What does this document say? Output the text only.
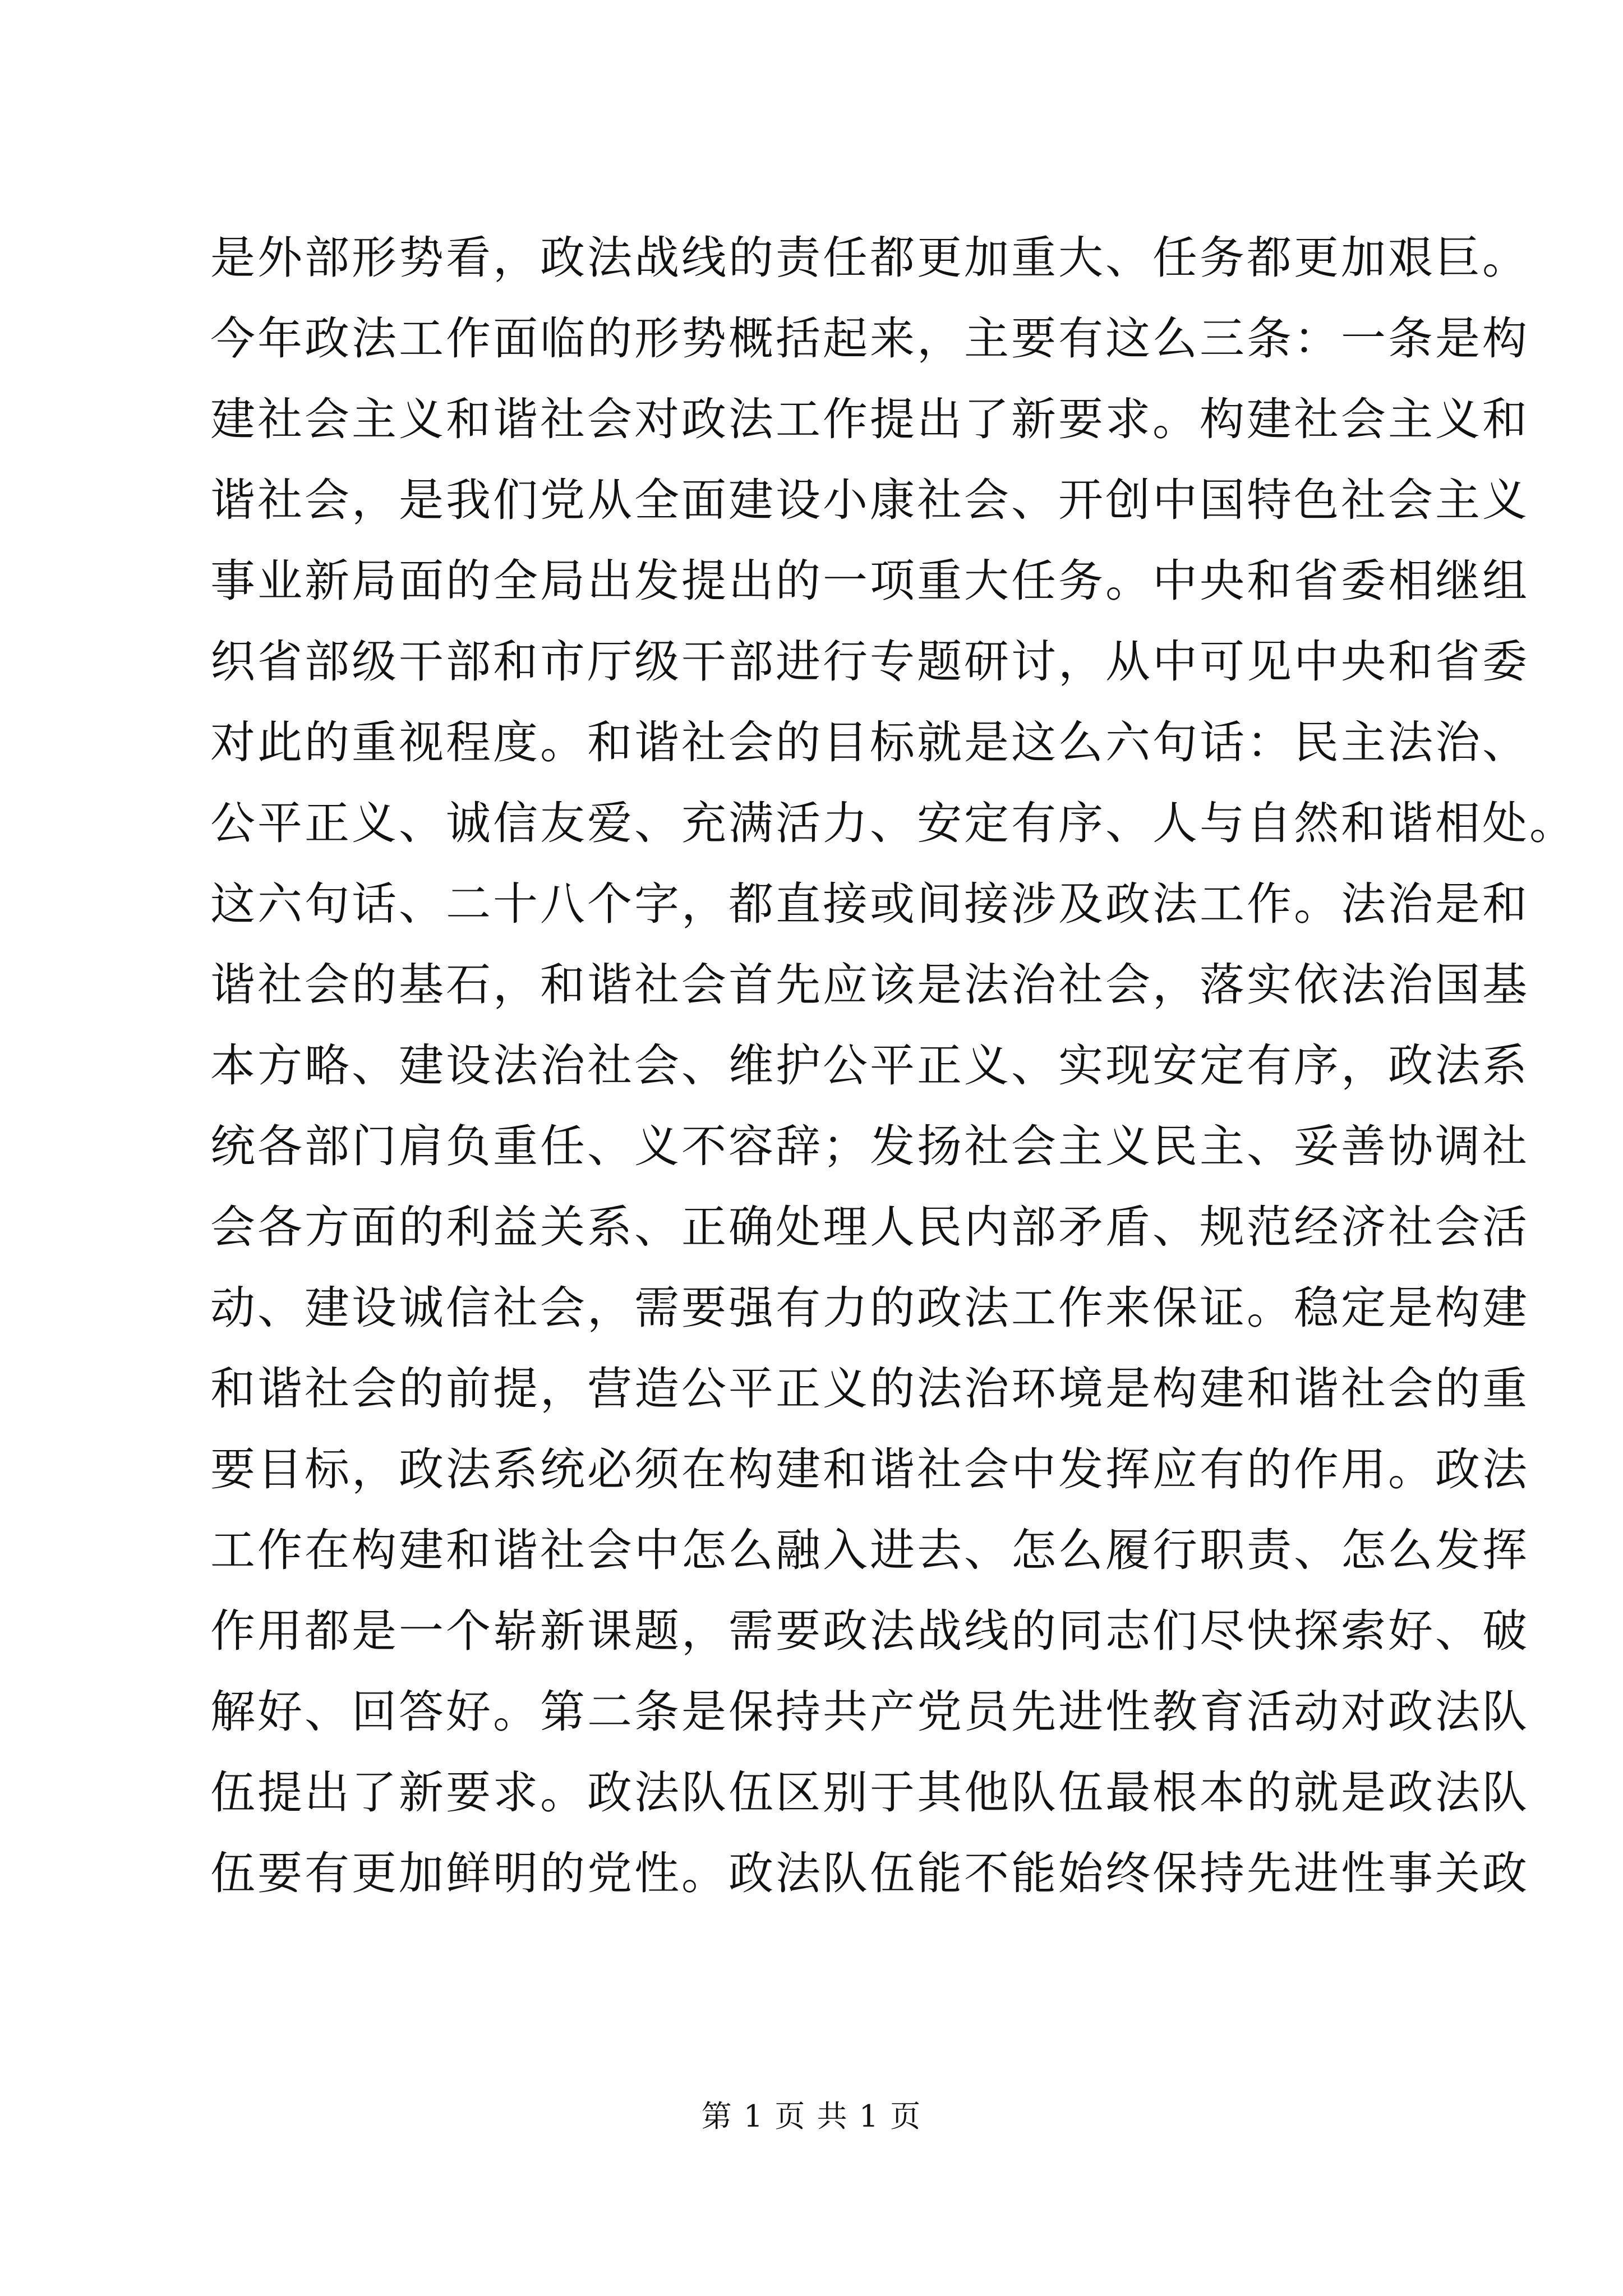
是外部形势看，政法战线的责任都更加重大、任务都更加艰巨。
今年政法工作面临的形势概括起来，主要有这么三条：一条是构
建社会主义和谐社会对政法工作提出了新要求。构建社会主义和
谐社会，是我们党从全面建设小康社会、开创中国特色社会主义
事业新局面的全局出发提出的一项重大任务。中央和省委相继组
织省部级干部和市厅级干部进行专题研讨，从中可见中央和省委
对此的重视程度。和谐社会的目标就是这么六句话：民主法治、
公平正义、诚信友爱、充满活力、安定有序、人与自然和谐相处。
这六句话、二十八个字，都直接或间接涉及政法工作。法治是和
谐社会的基石，和谐社会首先应该是法治社会，落实依法治国基
本方略、建设法治社会、维护公平正义、实现安定有序，政法系
统各部门肩负重任、义不容辞；发扬社会主义民主、妥善协调社
会各方面的利益关系、正确处理人民内部矛盾、规范经济社会活
动、建设诚信社会，需要强有力的政法工作来保证。稳定是构建
和谐社会的前提，营造公平正义的法治环境是构建和谐社会的重
要目标，政法系统必须在构建和谐社会中发挥应有的作用。政法
工作在构建和谐社会中怎么融入进去、怎么履行职责、怎么发挥
作用都是一个崭新课题，需要政法战线的同志们尽快探索好、破
解好、回答好。第二条是保持共产党员先进性教育活动对政法队
伍提出了新要求。政法队伍区别于其他队伍最根本的就是政法队
伍要有更加鲜明的党性。政法队伍能不能始终保持先进性事关政
第 1 页 共 1 页
